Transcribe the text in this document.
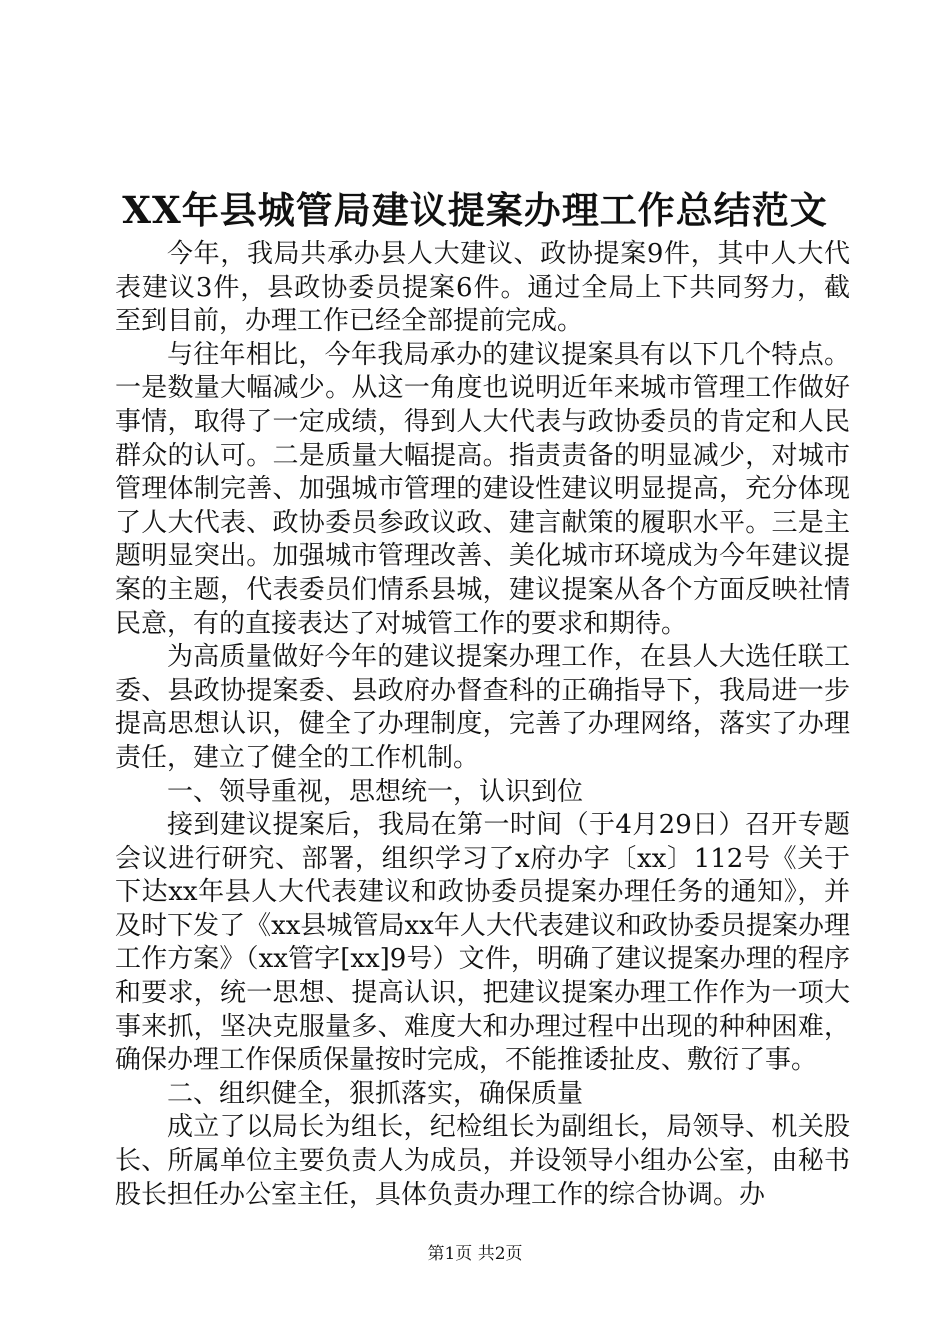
XX年县城管局建议提案办理工作总结范文

今年，我局共承办县人大建议、政协提案9件，其中人大代表建议3件，县政协委员提案6件。通过全局上下共同努力，截至到目前，办理工作已经全部提前完成。

与往年相比，今年我局承办的建议提案具有以下几个特点。一是数量大幅减少。从这一角度也说明近年来城市管理工作做好事情，取得了一定成绩，得到人大代表与政协委员的肯定和人民群众的认可。二是质量大幅提高。指责责备的明显减少，对城市管理体制完善、加强城市管理的建设性建议明显提高，充分体现了人大代表、政协委员参政议政、建言献策的履职水平。三是主题明显突出。加强城市管理改善、美化城市环境成为今年建议提案的主题，代表委员们情系县城，建议提案从各个方面反映社情民意，有的直接表达了对城管工作的要求和期待。

为高质量做好今年的建议提案办理工作，在县人大选任联工委、县政协提案委、县政府办督查科的正确指导下，我局进一步提高思想认识，健全了办理制度，完善了办理网络，落实了办理责任，建立了健全的工作机制。

一、领导重视，思想统一，认识到位

接到建议提案后，我局在第一时间（于4月29日）召开专题会议进行研究、部署，组织学习了x府办字〔xx〕112号《关于下达xx年县人大代表建议和政协委员提案办理任务的通知》，并及时下发了《xx县城管局xx年人大代表建议和政协委员提案办理工作方案》（xx管字[xx]9号）文件，明确了建议提案办理的程序和要求，统一思想、提高认识，把建议提案办理工作作为一项大事来抓，坚决克服量多、难度大和办理过程中出现的种种困难，确保办理工作保质保量按时完成，不能推诿扯皮、敷衍了事。

二、组织健全，狠抓落实，确保质量

成立了以局长为组长，纪检组长为副组长，局领导、机关股长、所属单位主要负责人为成员，并设领导小组办公室，由秘书股长担任办公室主任，具体负责办理工作的综合协调。办

第1页 共2页
